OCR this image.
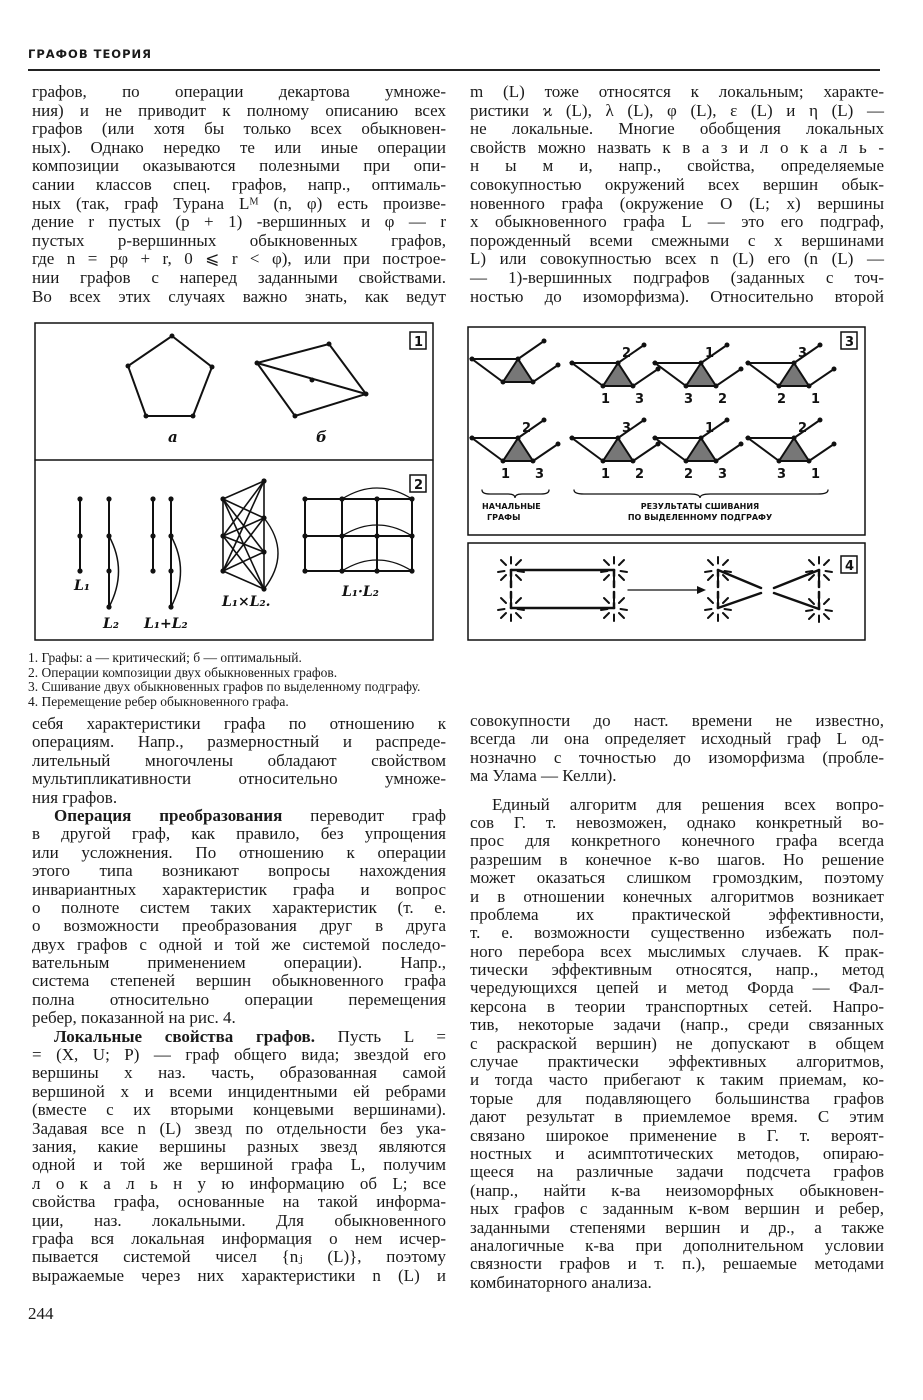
ГРАФОВ ТЕОРИЯ
графов, по операции декартова умноже-
ния) и не приводит к полному описанию всех
графов (или хотя бы только всех обыкновен-
ных). Однако нередко те или иные операции
композиции оказываются полезными при опи-
сании классов спец. графов, напр., оптималь-
ных (так, граф Турана Lᴹ (n, φ) есть произве-
дение r пустых (p + 1) -вершинных и φ — r
пустых p-вершинных обыкновенных графов,
где n = pφ + r, 0 ⩽ r < φ), или при построе-
нии графов с наперед заданными свойствами.
Во всех этих случаях важно знать, как ведут
m (L) тоже относятся к локальным; характе-
ристики ϰ (L), λ (L), φ (L), ε (L) и η (L) —
не локальные. Многие обобщения локальных
свойств можно назвать к в а з и л о к а л ь -
н ы м и, напр., свойства, определяемые
совокупностью окружений всех вершин обык-
новенного графа (окружение O (L; x) вершины
x обыкновенного графа L — это его подграф,
порожденный всеми смежными с x вершинами
L) или совокупностью всех n (L) его (n (L) —
— 1)-вершинных подграфов (заданных с точ-
ностью до изоморфизма). Относительно второй
себя характеристики графа по отношению к
операциям. Напр., размерностный и распреде-
лительный многочлены обладают свойством
мультипликативности относительно умноже-
ния графов.
Операция преобразования переводит граф
в другой граф, как правило, без упрощения
или усложнения. По отношению к операции
этого типа возникают вопросы нахождения
инвариантных характеристик графа и вопрос
о полноте систем таких характеристик (т. е.
о возможности преобразования друг в друга
двух графов с одной и той же системой последо-
вательным применением операции). Напр.,
система степеней вершин обыкновенного графа
полна относительно операции перемещения
ребер, показанной на рис. 4.
Локальные свойства графов. Пусть L =
= (X, U; P) — граф общего вида; звездой его
вершины x наз. часть, образованная самой
вершиной x и всеми инцидентными ей ребрами
(вместе с их вторыми концевыми вершинами).
Задавая все n (L) звезд по отдельности без ука-
зания, какие вершины разных звезд являются
одной и той же вершиной графа L, получим
л о к а л ь н у ю информацию об L; все
свойства графа, основанные на такой информа-
ции, наз. локальными. Для обыкновенного
графа вся локальная информация о нем исчер-
пывается системой чисел {nⱼ (L)}, поэтому
выражаемые через них характеристики n (L) и
совокупности до наст. времени не известно,
всегда ли она определяет исходный граф L од-
нозначно с точностью до изоморфизма (пробле-
ма Улама — Келли).
Единый алгоритм для решения всех вопро-
сов Г. т. невозможен, однако конкретный во-
прос для конкретного конечного графа всегда
разрешим в конечное к-во шагов. Но решение
может оказаться слишком громоздким, поэтому
и в отношении конечных алгоритмов возникает
проблема их практической эффективности,
т. е. возможности существенно избежать пол-
ного перебора всех мыслимых случаев. К прак-
тически эффективным относятся, напр., метод
чередующихся цепей и метод Форда — Фал-
керсона в теории транспортных сетей. Напро-
тив, некоторые задачи (напр., среди связанных
с раскраской вершин) не допускают в общем
случае практически эффективных алгоритмов,
и тогда часто прибегают к таким приемам, ко-
торые для подавляющего большинства графов
дают результат в приемлемое время. С этим
связано широкое применение в Г. т. вероят-
ностных и асимптотических методов, опираю-
щееся на различные задачи подсчета графов
(напр., найти к-ва неизоморфных обыкновен-
ных графов с заданным к-вом вершин и ребер,
заданными степенями вершин и др., а также
аналогичные к-ва при дополнительном условии
связности графов и т. п.), решаемые методами
комбинаторного анализа.
а	б
1
L₁
L₂ L₁+L₂
L₁×L₂.
L₁·L₂
2
2
1 3
2
1 3
1
3 2
3
2 1
3
1 2
1
2 3
2
3 1
НАЧАЛЬНЫЕ
ГРАФЫ
РЕЗУЛЬТАТЫ СШИВАНИЯ
ПО ВЫДЕЛЕННОМУ ПОДГРАФУ
3
4
1. Графы: а — критический; б — оптимальный.
2. Операции композиции двух обыкновенных графов.
3. Сшивание двух обыкновенных графов по выделенному подграфу.
4. Перемещение ребер обыкновенного графа.
244
